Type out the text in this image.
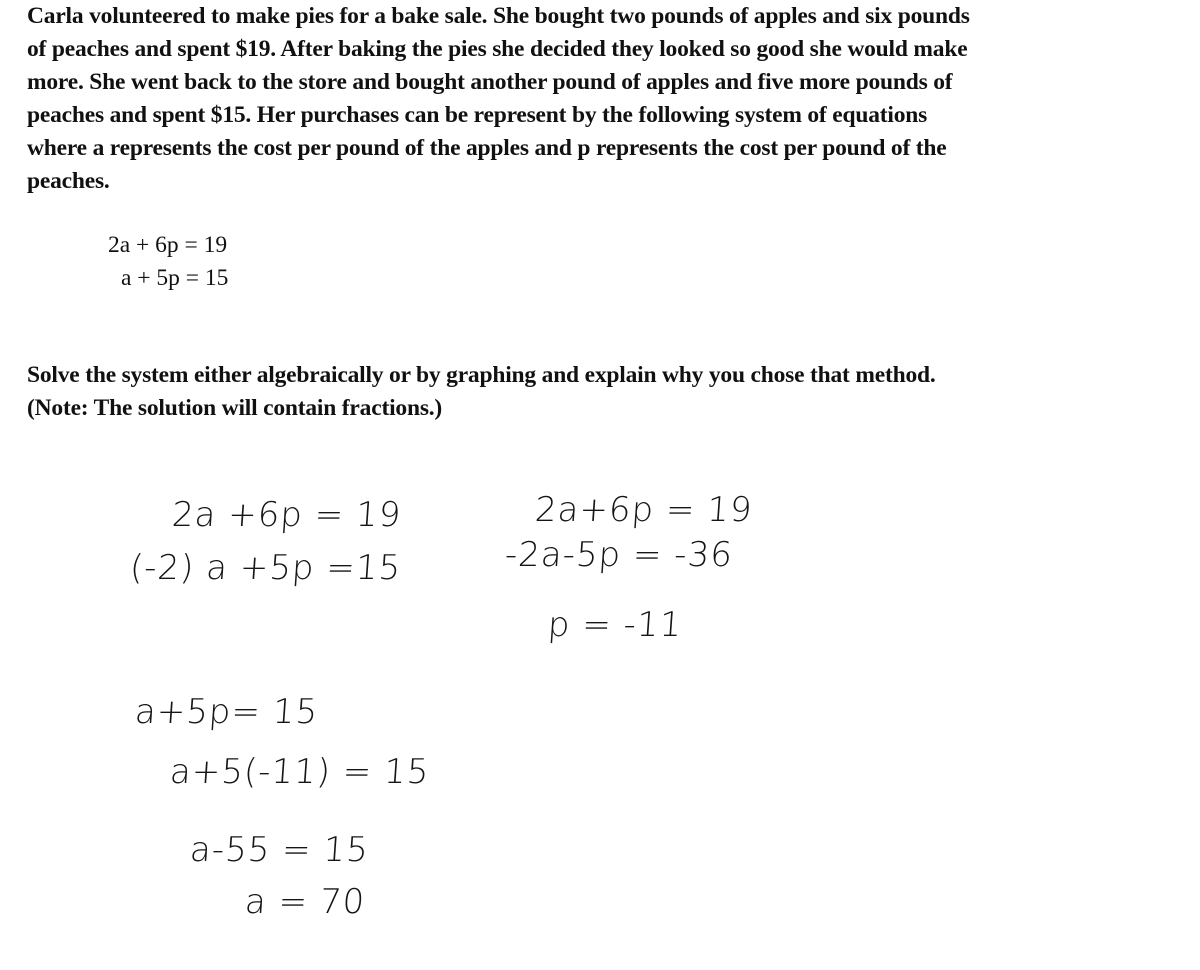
Carla volunteered to make pies for a bake sale. She bought two pounds of apples and six pounds
of peaches and spent $19. After baking the pies she decided they looked so good she would make
more. She went back to the store and bought another pound of apples and five more pounds of
peaches and spent $15. Her purchases can be represent by the following system of equations
where a represents the cost per pound of the apples and p represents the cost per pound of the
peaches.
2a + 6p = 19
a + 5p = 15
Solve the system either algebraically or by graphing and explain why you chose that method.
(Note: The solution will contain fractions.)
2a +6p = 19
(-2) a +5p =15
2a+6p = 19
-2a-5p = -36
p = -11
a+5p= 15
a+5(-11) = 15
a-55 = 15
a = 70
